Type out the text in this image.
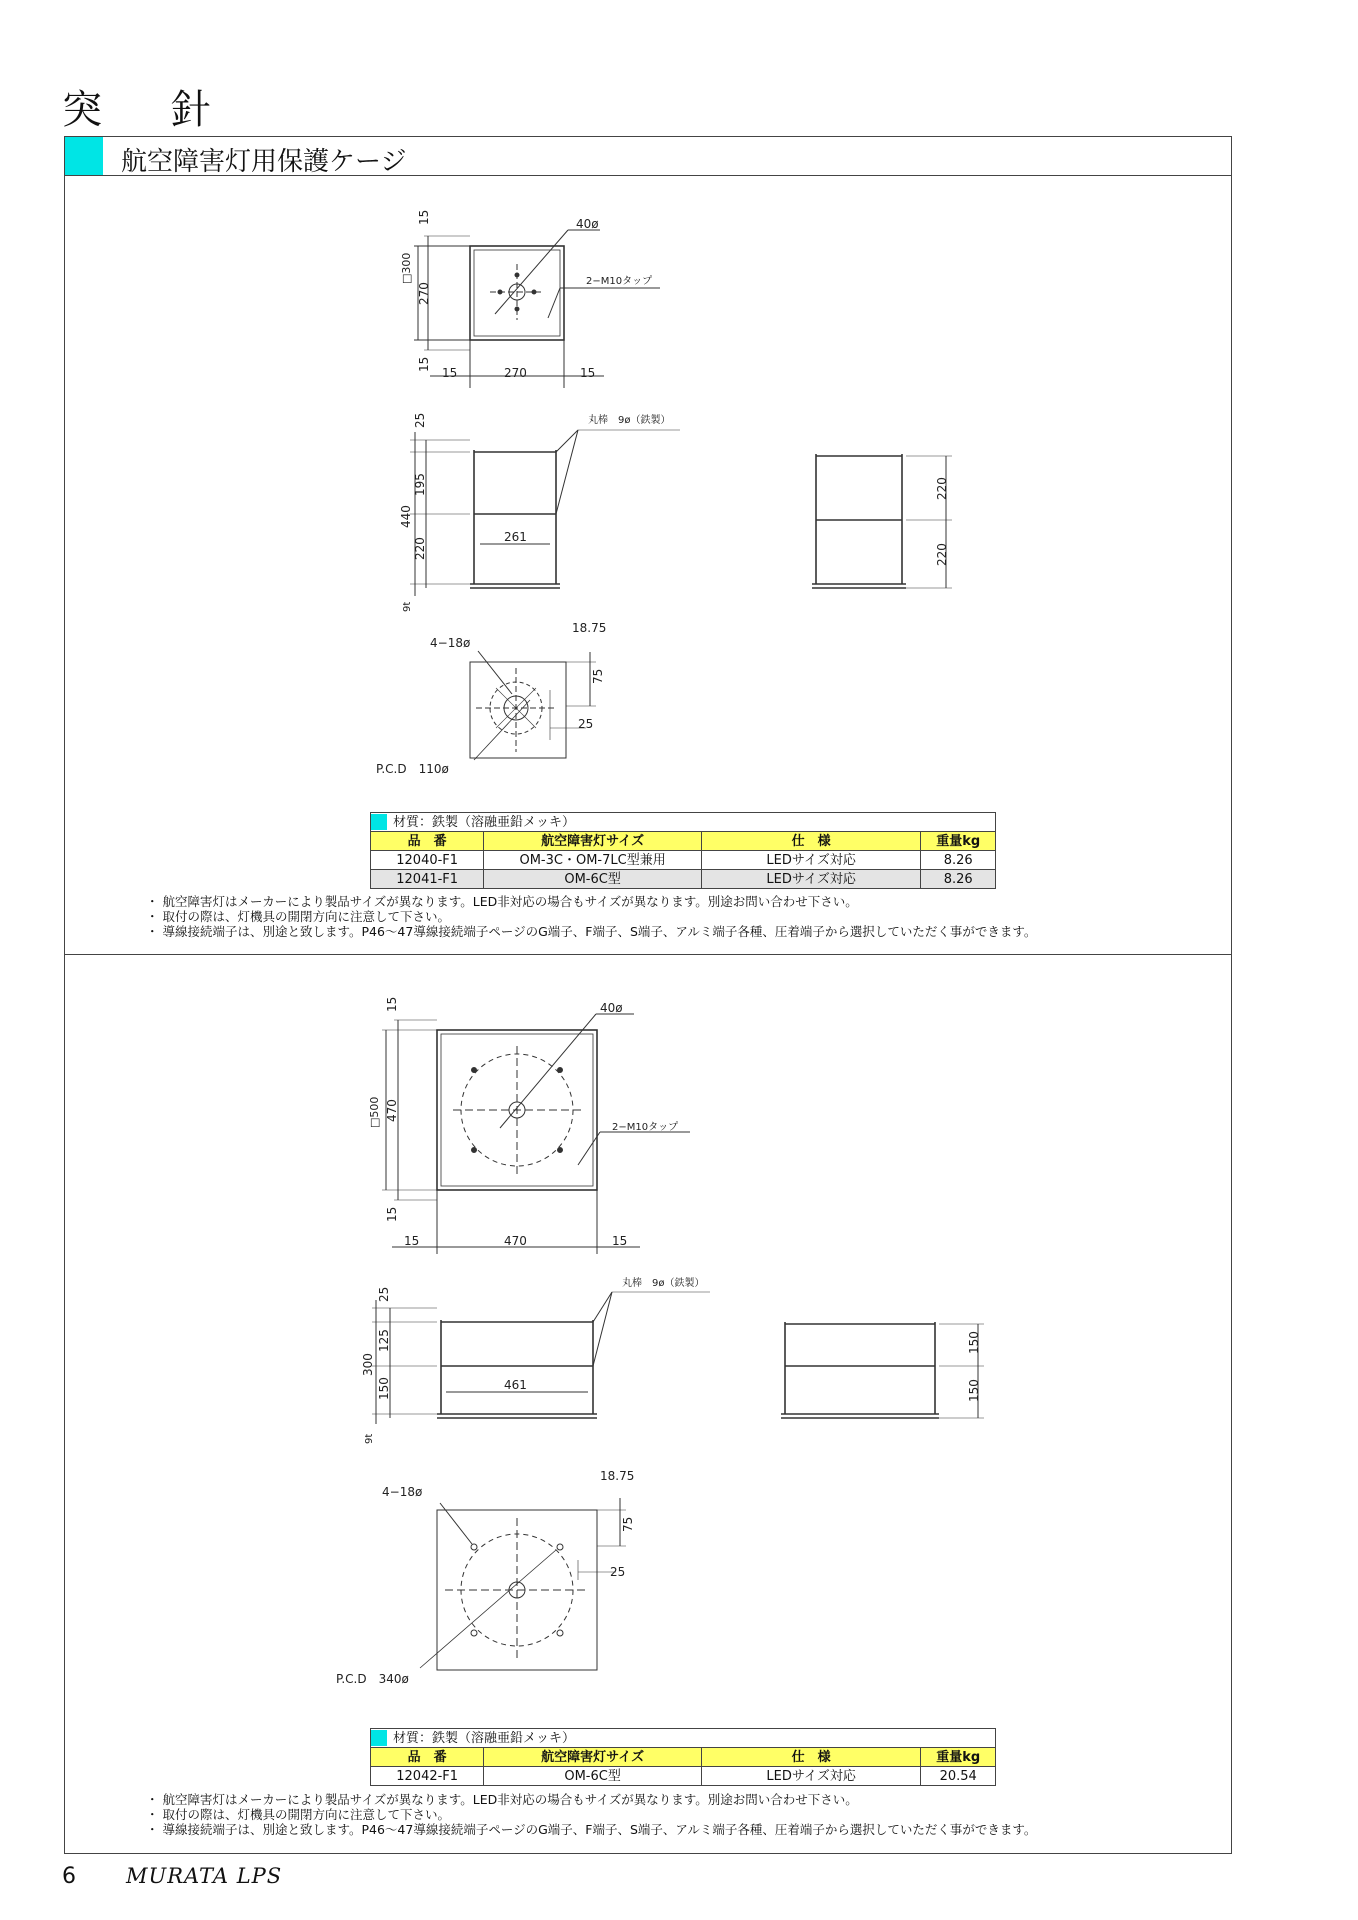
突 針
航空障害灯用保護ケージ
□300
40ø
2−M10タップ
15	270	15
15
270
15
25
195
440
220
9t
261
丸棒　9ø（鉄製）
220
220
4−18ø
18.75
75
25
P.C.D　110ø
材質：鉄製（溶融亜鉛メッキ）			
品　番	航空障害灯サイズ	仕　様	重量kg
12040-F1	OM-3C・OM-7LC型兼用	LEDサイズ対応	8.26
12041-F1	OM-6C型	LEDサイズ対応	8.26
・ 航空障害灯はメーカーにより製品サイズが異なります。LED非対応の場合もサイズが異なります。別途お問い合わせ下さい。
・ 取付の際は、灯機具の開閉方向に注意して下さい。
・ 導線接続端子は、別途と致します。P46〜47導線接続端子ページのG端子、F端子、S端子、アルミ端子各種、圧着端子から選択していただく事ができます。
40ø
2−M10タップ
□500
15
470
15
15	470	15
25
125
300
150
9t
461
丸棒　9ø（鉄製）
150
150
4−18ø
18.75
75
25
P.C.D　340ø
材質：鉄製（溶融亜鉛メッキ）			
品　番	航空障害灯サイズ	仕　様	重量kg
12042-F1	OM-6C型	LEDサイズ対応	20.54
・ 航空障害灯はメーカーにより製品サイズが異なります。LED非対応の場合もサイズが異なります。別途お問い合わせ下さい。
・ 取付の際は、灯機具の開閉方向に注意して下さい。
・ 導線接続端子は、別途と致します。P46〜47導線接続端子ページのG端子、F端子、S端子、アルミ端子各種、圧着端子から選択していただく事ができます。
6 MURATA LPS
